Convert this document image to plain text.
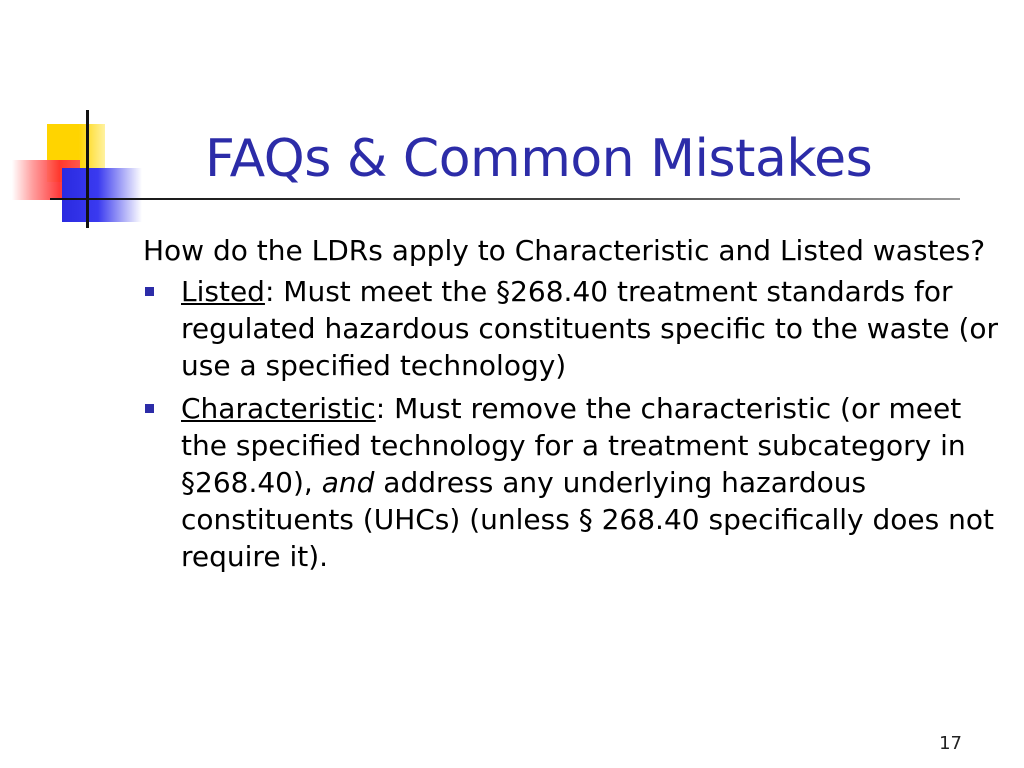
FAQs & Common Mistakes

How do the LDRs apply to Characteristic and Listed wastes?

Listed: Must meet the §268.40 treatment standards for regulated hazardous constituents specific to the waste (or use a specified technology)
Characteristic: Must remove the characteristic (or meet the specified technology for a treatment subcategory in §268.40), and address any underlying hazardous constituents (UHCs) (unless § 268.40 specifically does not require it).
17
